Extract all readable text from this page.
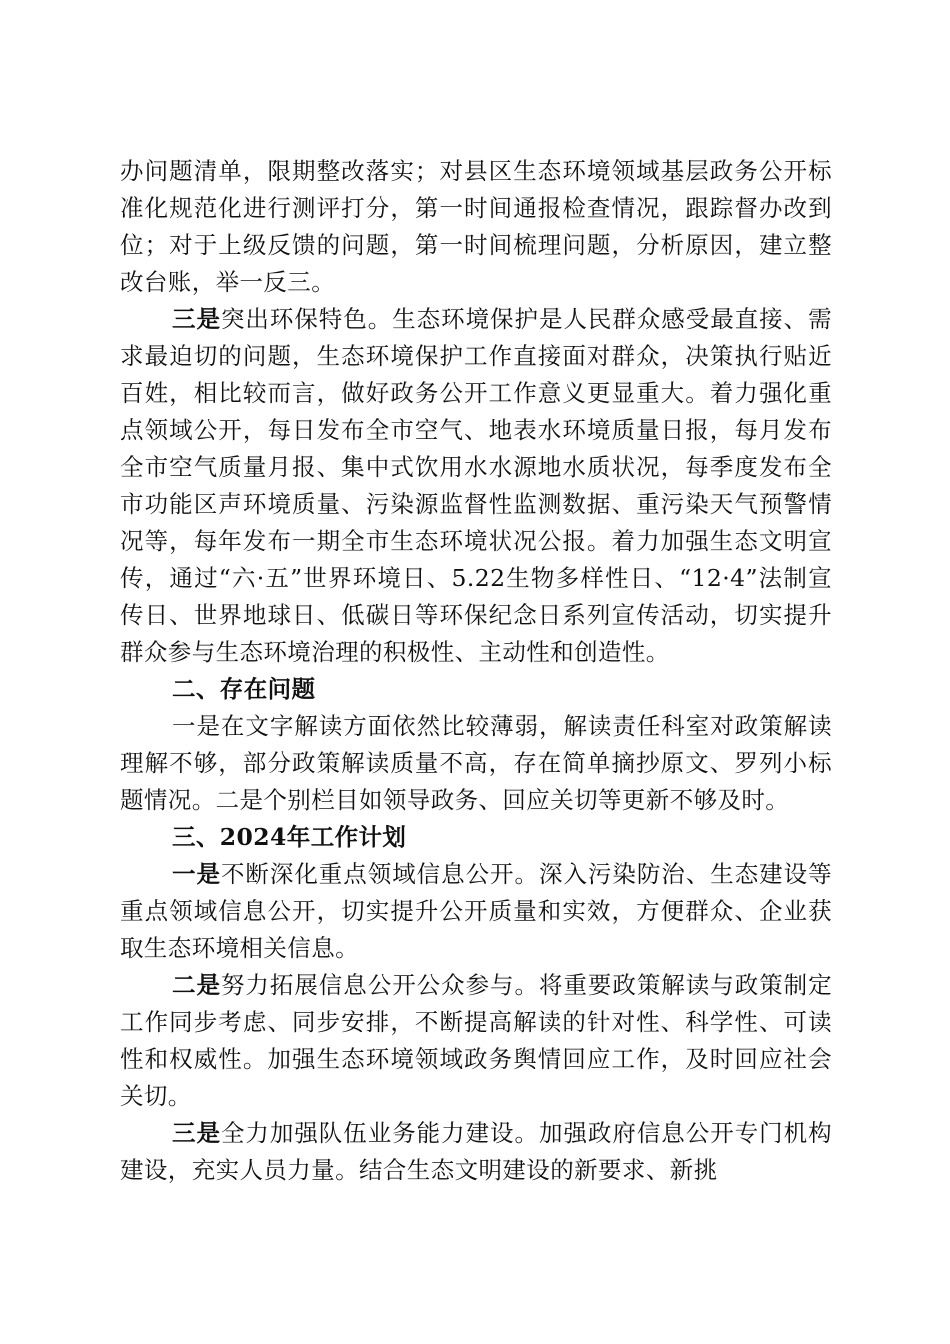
办问题清单，限期整改落实；对县区生态环境领域基层政务公开标准化规范化进行测评打分，第一时间通报检查情况，跟踪督办改到位；对于上级反馈的问题，第一时间梳理问题，分析原因，建立整改台账，举一反三。

三是突出环保特色。生态环境保护是人民群众感受最直接、需求最迫切的问题，生态环境保护工作直接面对群众，决策执行贴近百姓，相比较而言，做好政务公开工作意义更显重大。着力强化重点领域公开，每日发布全市空气、地表水环境质量日报，每月发布全市空气质量月报、集中式饮用水水源地水质状况，每季度发布全市功能区声环境质量、污染源监督性监测数据、重污染天气预警情况等，每年发布一期全市生态环境状况公报。着力加强生态文明宣传，通过“六·五”世界环境日、5.22生物多样性日、“12·4”法制宣传日、世界地球日、低碳日等环保纪念日系列宣传活动，切实提升群众参与生态环境治理的积极性、主动性和创造性。

二、存在问题

一是在文字解读方面依然比较薄弱，解读责任科室对政策解读理解不够，部分政策解读质量不高，存在简单摘抄原文、罗列小标题情况。二是个别栏目如领导政务、回应关切等更新不够及时。

三、2024年工作计划

一是不断深化重点领域信息公开。深入污染防治、生态建设等重点领域信息公开，切实提升公开质量和实效，方便群众、企业获取生态环境相关信息。

二是努力拓展信息公开公众参与。将重要政策解读与政策制定工作同步考虑、同步安排，不断提高解读的针对性、科学性、可读性和权威性。加强生态环境领域政务舆情回应工作，及时回应社会关切。

三是全力加强队伍业务能力建设。加强政府信息公开专门机构建设，充实人员力量。结合生态文明建设的新要求、新挑
